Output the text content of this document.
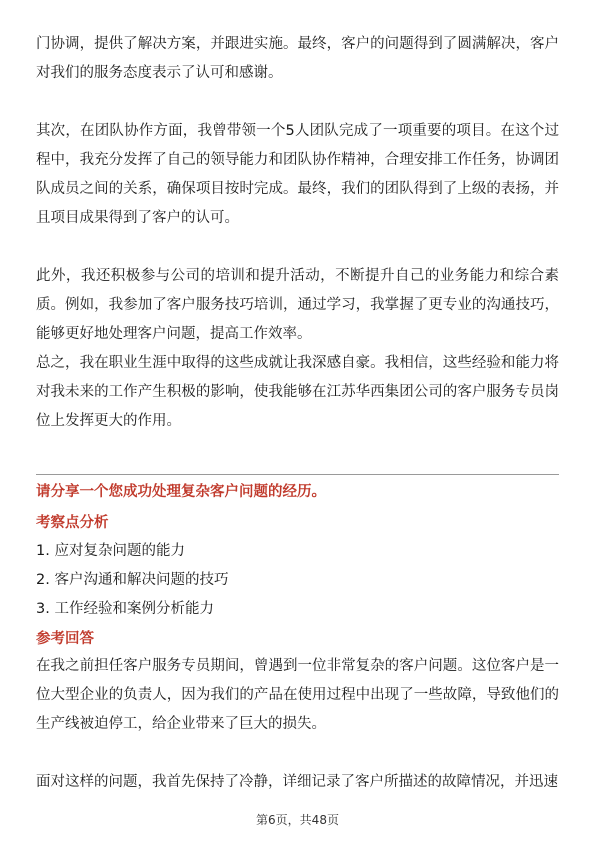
门协调，提供了解决方案，并跟进实施。最终，客户的问题得到了圆满解决，客户对我们的服务态度表示了认可和感谢。

其次，在团队协作方面，我曾带领一个5人团队完成了一项重要的项目。在这个过程中，我充分发挥了自己的领导能力和团队协作精神，合理安排工作任务，协调团队成员之间的关系，确保项目按时完成。最终，我们的团队得到了上级的表扬，并且项目成果得到了客户的认可。

此外，我还积极参与公司的培训和提升活动，不断提升自己的业务能力和综合素质。例如，我参加了客户服务技巧培训，通过学习，我掌握了更专业的沟通技巧，能够更好地处理客户问题，提高工作效率。

总之，我在职业生涯中取得的这些成就让我深感自豪。我相信，这些经验和能力将对我未来的工作产生积极的影响，使我能够在江苏华西集团公司的客户服务专员岗位上发挥更大的作用。

请分享一个您成功处理复杂客户问题的经历。

考察点分析

1. 应对复杂问题的能力
2. 客户沟通和解决问题的技巧
3. 工作经验和案例分析能力

参考回答

在我之前担任客户服务专员期间，曾遇到一位非常复杂的客户问题。这位客户是一位大型企业的负责人，因为我们的产品在使用过程中出现了一些故障，导致他们的生产线被迫停工，给企业带来了巨大的损失。

面对这样的问题，我首先保持了冷静，详细记录了客户所描述的故障情况，并迅速

第6页，共48页
